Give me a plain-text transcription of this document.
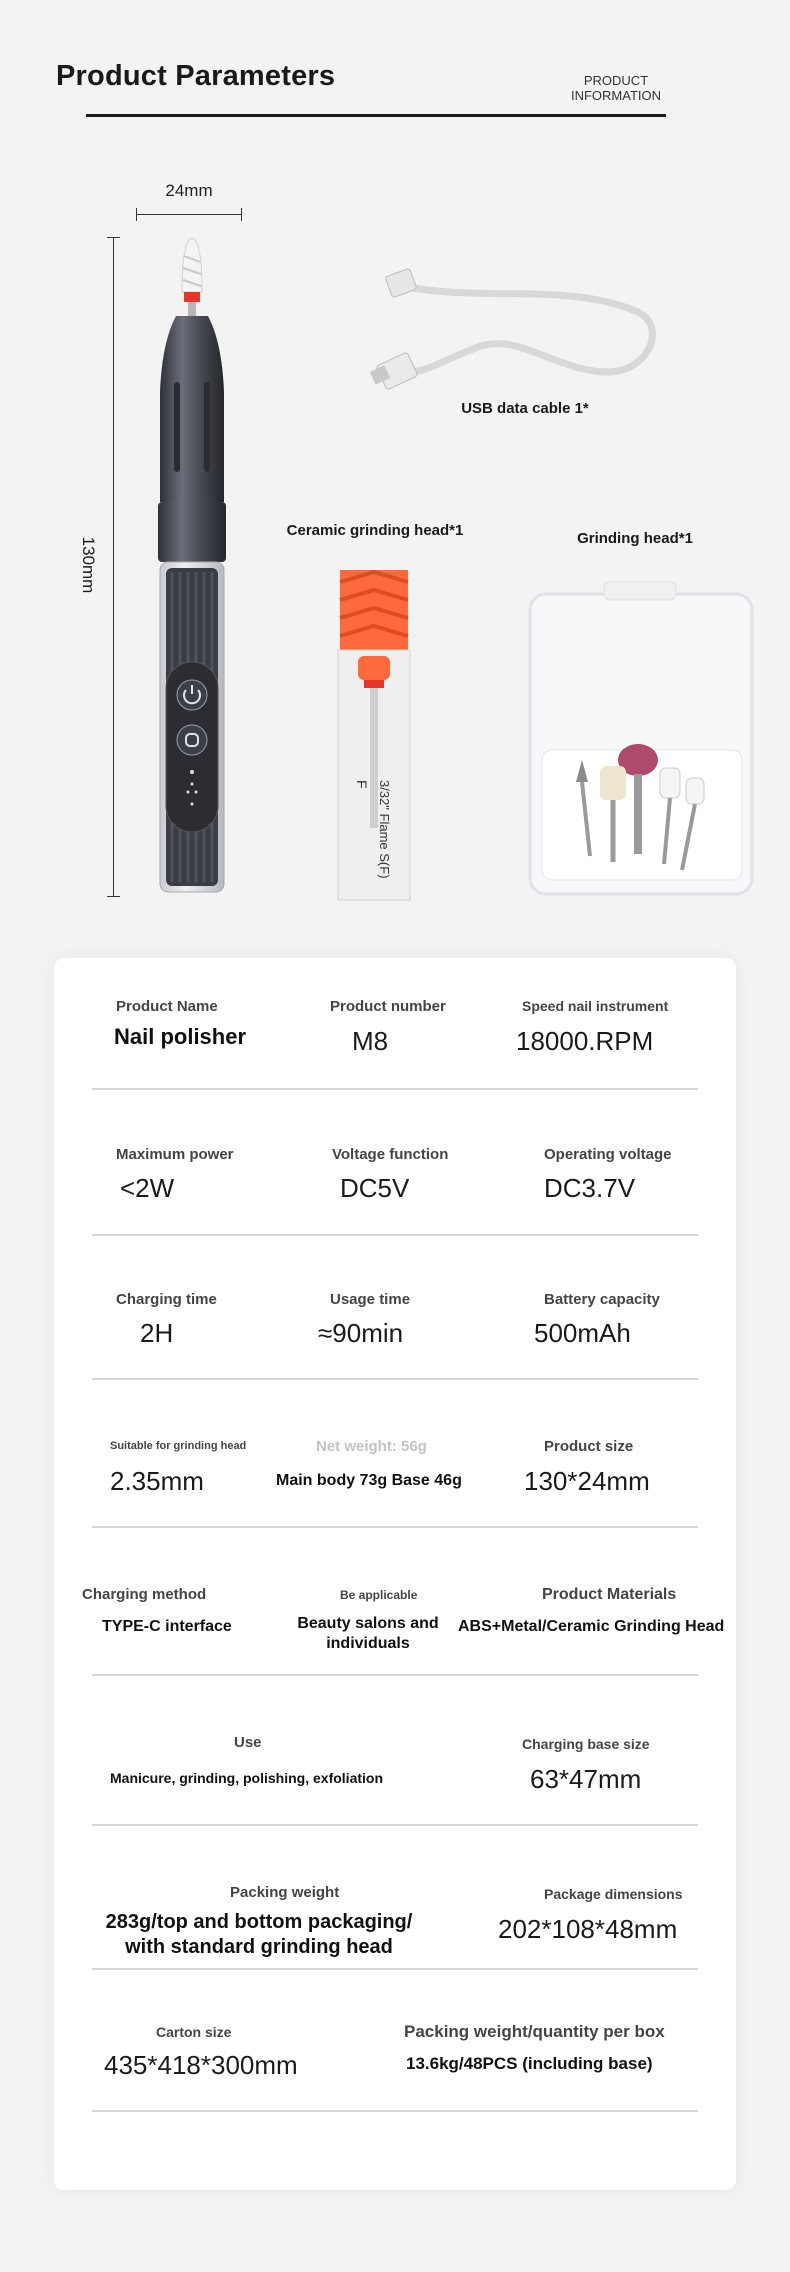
Product Parameters	PRODUCT
INFORMATION
24mm
130mm
USB data cable 1*
Ceramic grinding head*1
F 3/32" Flame S(F)
Grinding head*1
Product Name
Nail polisher
Product number
M8
Speed nail instrument
18000.RPM
Maximum power
<2W
Voltage function
DC5V
Operating voltage
DC3.7V
Charging time
2H
Usage time
≈90min
Battery capacity
500mAh
Suitable for grinding head
2.35mm
Net weight: 56g
Main body 73g Base 46g
Product size
130*24mm
Charging method
TYPE-C interface
Be applicable
Beauty salons and
individuals
Product Materials
ABS+Metal/Ceramic Grinding Head
Use
Manicure, grinding, polishing, exfoliation
Charging base size
63*47mm
Packing weight
283g/top and bottom packaging/
with standard grinding head
Package dimensions
202*108*48mm
Carton size
435*418*300mm
Packing weight/quantity per box
13.6kg/48PCS (including base)
